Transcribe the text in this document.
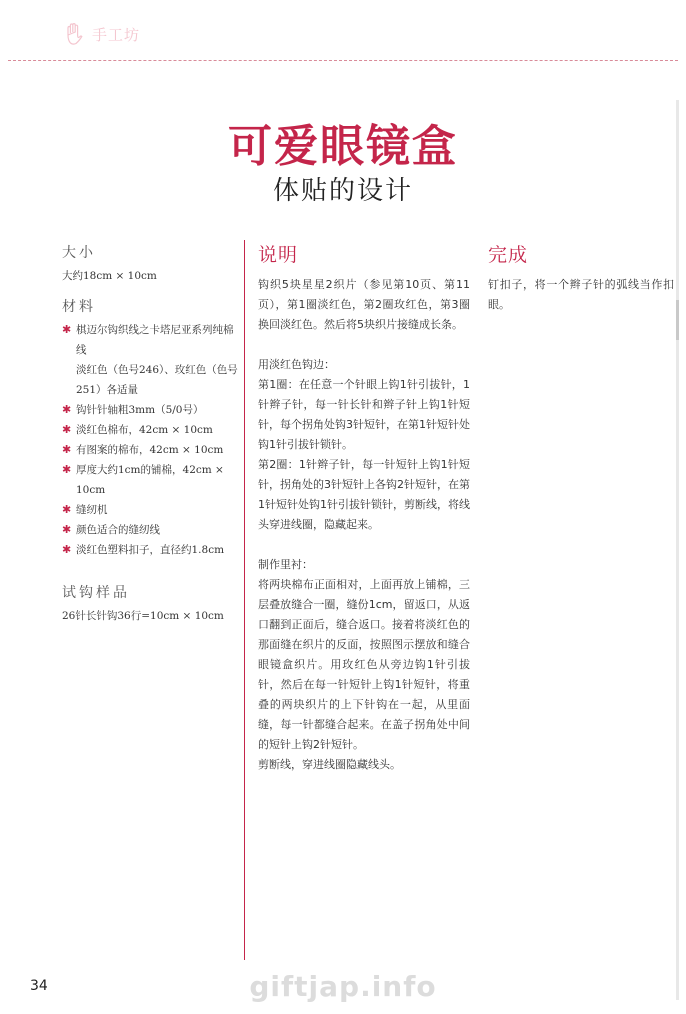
手工坊
可爱眼镜盒
体贴的设计
大小
大约18cm × 10cm
材料
✱ 棋迈尔钩织线之卡塔尼亚系列纯棉线
淡红色（色号246）、玫红色（色号251）各适量
✱ 钩针针轴粗3mm（5/0号）
✱ 淡红色棉布，42cm × 10cm
✱ 有图案的棉布，42cm × 10cm
✱ 厚度大约1cm的铺棉，42cm × 10cm
✱ 缝纫机
✱ 颜色适合的缝纫线
✱ 淡红色塑料扣子，直径约1.8cm
试钩样品
26针长针钩36行=10cm × 10cm
说明

钩织5块星星2织片（参见第10页、第11页），第1圈淡红色，第2圈玫红色，第3圈换回淡红色。然后将5块织片接缝成长条。

用淡红色钩边：
第1圈：在任意一个针眼上钩1针引拔针，1针辫子针，每一针长针和辫子针上钩1针短针，每个拐角处钩3针短针，在第1针短针处钩1针引拔针锁针。
第2圈：1针辫子针，每一针短针上钩1针短针，拐角处的3针短针上各钩2针短针，在第1针短针处钩1针引拔针锁针，剪断线，将线头穿进线圈，隐藏起来。

制作里衬：
将两块棉布正面相对，上面再放上铺棉，三层叠放缝合一圈，缝份1cm，留返口，从返口翻到正面后，缝合返口。接着将淡红色的那面缝在织片的反面，按照图示摆放和缝合眼镜盒织片。用玫红色从旁边钩1针引拔针，然后在每一针短针上钩1针短针，将重叠的两块织片的上下针钩在一起，从里面缝，每一针都缝合起来。在盖子拐角处中间的短针上钩2针短针。
剪断线，穿进线圈隐藏线头。

完成

钉扣子，将一个辫子针的弧线当作扣眼。

34	giftjap.info
